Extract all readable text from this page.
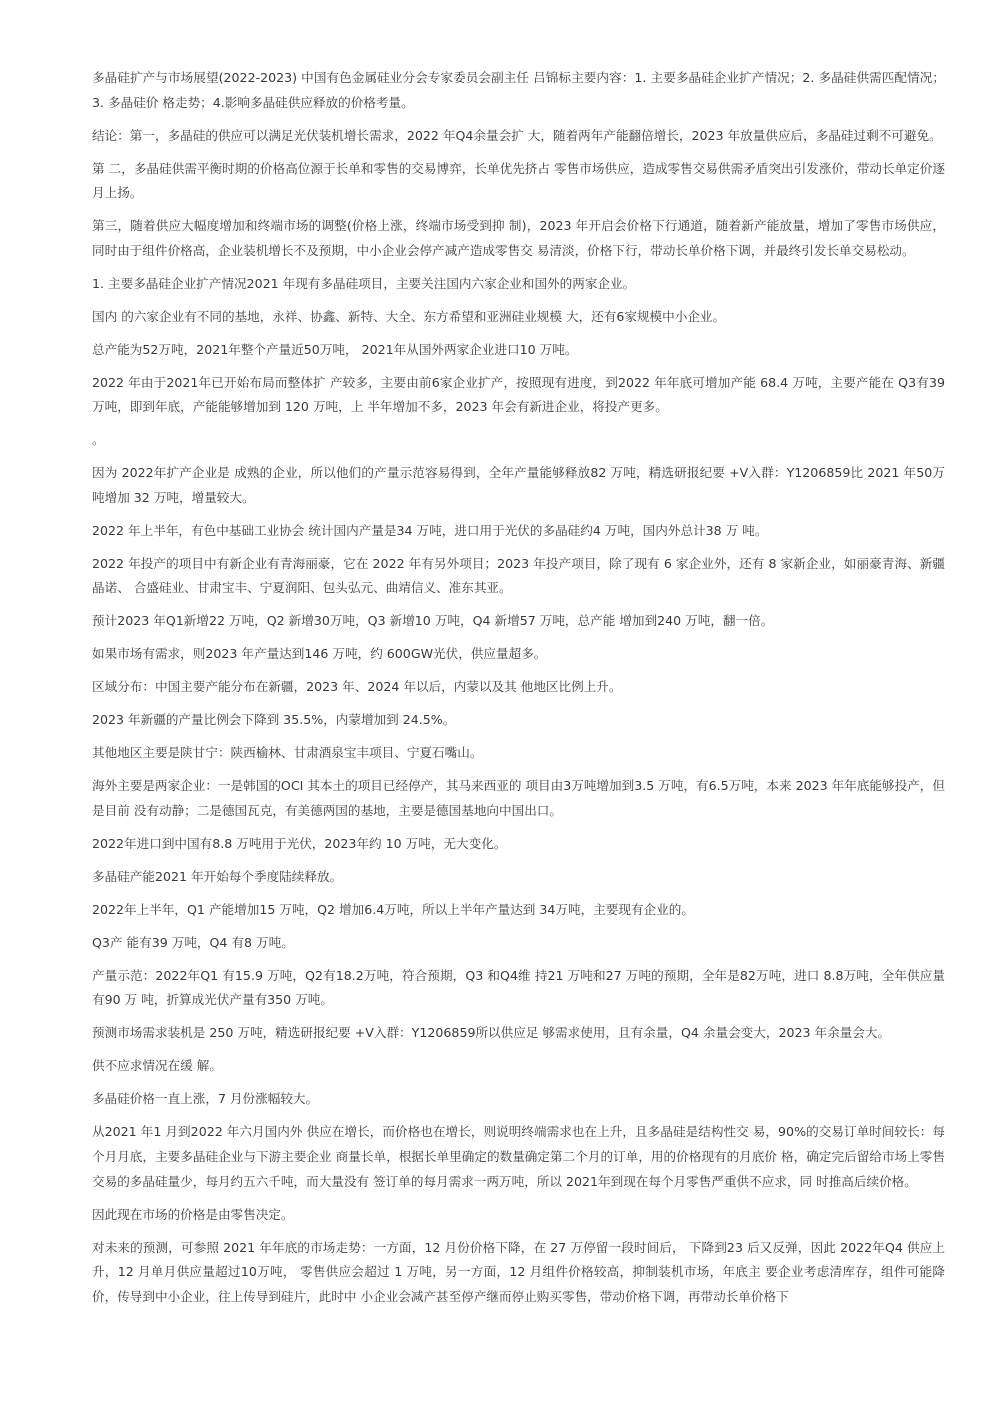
多晶硅扩产与市场展望(2022-2023) 中国有色金属硅业分会专家委员会副主任 吕锦标主要内容：1. 主要多晶硅企业扩产情况；2. 多晶硅供需匹配情况；3. 多晶硅价 格走势；4.影响多晶硅供应释放的价格考量。

结论：第一，多晶硅的供应可以满足光伏装机增长需求，2022 年Q4余量会扩 大，随着两年产能翻倍增长，2023 年放量供应后，多晶硅过剩不可避免。

第 二，多晶硅供需平衡时期的价格高位源于长单和零售的交易博弈，长单优先挤占 零售市场供应，造成零售交易供需矛盾突出引发涨价，带动长单定价逐月上扬。

第三，随着供应大幅度增加和终端市场的调整(价格上涨，终端市场受到抑 制)，2023 年开启会价格下行通道，随着新产能放量，增加了零售市场供应， 同时由于组件价格高，企业装机增长不及预期，中小企业会停产减产造成零售交 易清淡，价格下行，带动长单价格下调，并最终引发长单交易松动。

1. 主要多晶硅企业扩产情况2021 年现有多晶硅项目，主要关注国内六家企业和国外的两家企业。

国内 的六家企业有不同的基地，永祥、协鑫、新特、大全、东方希望和亚洲硅业规模 大，还有6家规模中小企业。

总产能为52万吨，2021年整个产量近50万吨， 2021年从国外两家企业进口10 万吨。

2022 年由于2021年已开始布局而整体扩 产较多，主要由前6家企业扩产，按照现有进度，到2022 年年底可增加产能 68.4 万吨，主要产能在 Q3有39 万吨，即到年底，产能能够增加到 120 万吨，上 半年增加不多，2023 年会有新进企业，将投产更多。

。

因为 2022年扩产企业是 成熟的企业，所以他们的产量示范容易得到，全年产量能够释放82 万吨，精选研报纪要 +V入群：Y1206859比 2021 年50万吨增加 32 万吨，增量较大。

2022 年上半年，有色中基础工业协会 统计国内产量是34 万吨，进口用于光伏的多晶硅约4 万吨，国内外总计38 万 吨。

2022 年投产的项目中有新企业有青海丽豪，它在 2022 年有另外项目；2023 年投产项目，除了现有 6 家企业外，还有 8 家新企业，如丽豪青海、新疆晶诺、 合盛硅业、甘肃宝丰、宁夏润阳、包头弘元、曲靖信义、准东其亚。

预计2023 年Q1新增22 万吨，Q2 新增30万吨，Q3 新增10 万吨，Q4 新增57 万吨，总产能 增加到240 万吨，翻一倍。

如果市场有需求，则2023 年产量达到146 万吨，约 600GW光伏，供应量超多。

区域分布：中国主要产能分布在新疆，2023 年、2024 年以后，内蒙以及其 他地区比例上升。

2023 年新疆的产量比例会下降到 35.5%，内蒙增加到 24.5%。

其他地区主要是陕甘宁：陕西榆林、甘肃酒泉宝丰项目、宁夏石嘴山。

海外主要是两家企业：一是韩国的OCI 其本土的项目已经停产，其马来西亚的 项目由3万吨增加到3.5 万吨，有6.5万吨，本来 2023 年年底能够投产，但是目前 没有动静；二是德国瓦克，有美德两国的基地，主要是德国基地向中国出口。

2022年进口到中国有8.8 万吨用于光伏，2023年约 10 万吨，无大变化。

多晶硅产能2021 年开始每个季度陆续释放。

2022年上半年，Q1 产能增加15 万吨，Q2 增加6.4万吨，所以上半年产量达到 34万吨，主要现有企业的。

Q3产 能有39 万吨，Q4 有8 万吨。

产量示范：2022年Q1 有15.9 万吨，Q2有18.2万吨，符合预期，Q3 和Q4维 持21 万吨和27 万吨的预期，全年是82万吨，进口 8.8万吨，全年供应量有90 万 吨，折算成光伏产量有350 万吨。

预测市场需求装机是 250 万吨，精选研报纪要 +V入群：Y1206859所以供应足 够需求使用，且有余量，Q4 余量会变大，2023 年余量会大。

供不应求情况在缓 解。

多晶硅价格一直上涨，7 月份涨幅较大。

从2021 年1 月到2022 年六月国内外 供应在增长，而价格也在增长，则说明终端需求也在上升，且多晶硅是结构性交 易，90%的交易订单时间较长：每个月月底，主要多晶硅企业与下游主要企业 商量长单，根据长单里确定的数量确定第二个月的订单，用的价格现有的月底价 格，确定完后留给市场上零售交易的多晶硅量少，每月约五六千吨，而大量没有 签订单的每月需求一两万吨，所以 2021年到现在每个月零售严重供不应求，同 时推高后续价格。

因此现在市场的价格是由零售决定。

对未来的预测，可参照 2021 年年底的市场走势：一方面，12 月份价格下降，在 27 万停留一段时间后， 下降到23 后又反弹，因此 2022年Q4 供应上升，12 月单月供应量超过10万吨， 零售供应会超过 1 万吨，另一方面，12 月组件价格较高，抑制装机市场，年底主 要企业考虑清库存，组件可能降价，传导到中小企业，往上传导到硅片，此时中 小企业会减产甚至停产继而停止购买零售，带动价格下调，再带动长单价格下
